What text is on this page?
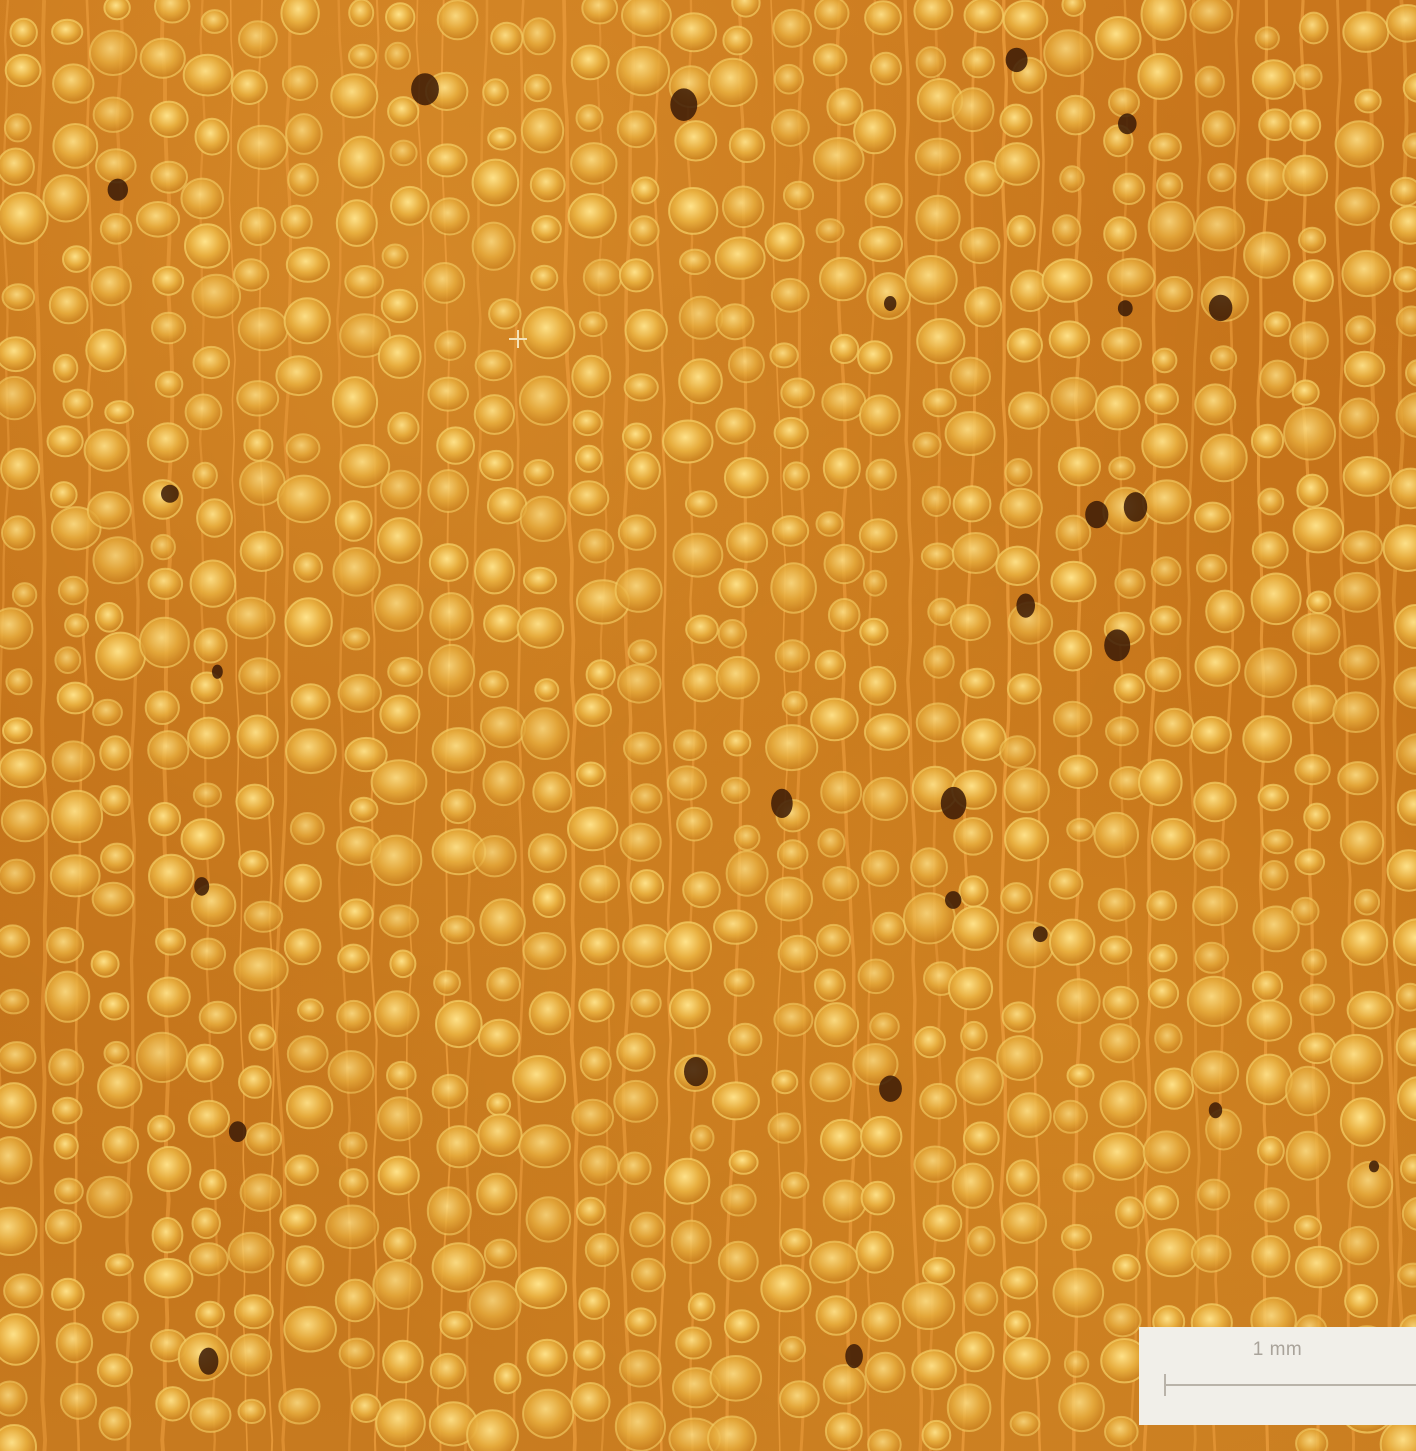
1 mm
